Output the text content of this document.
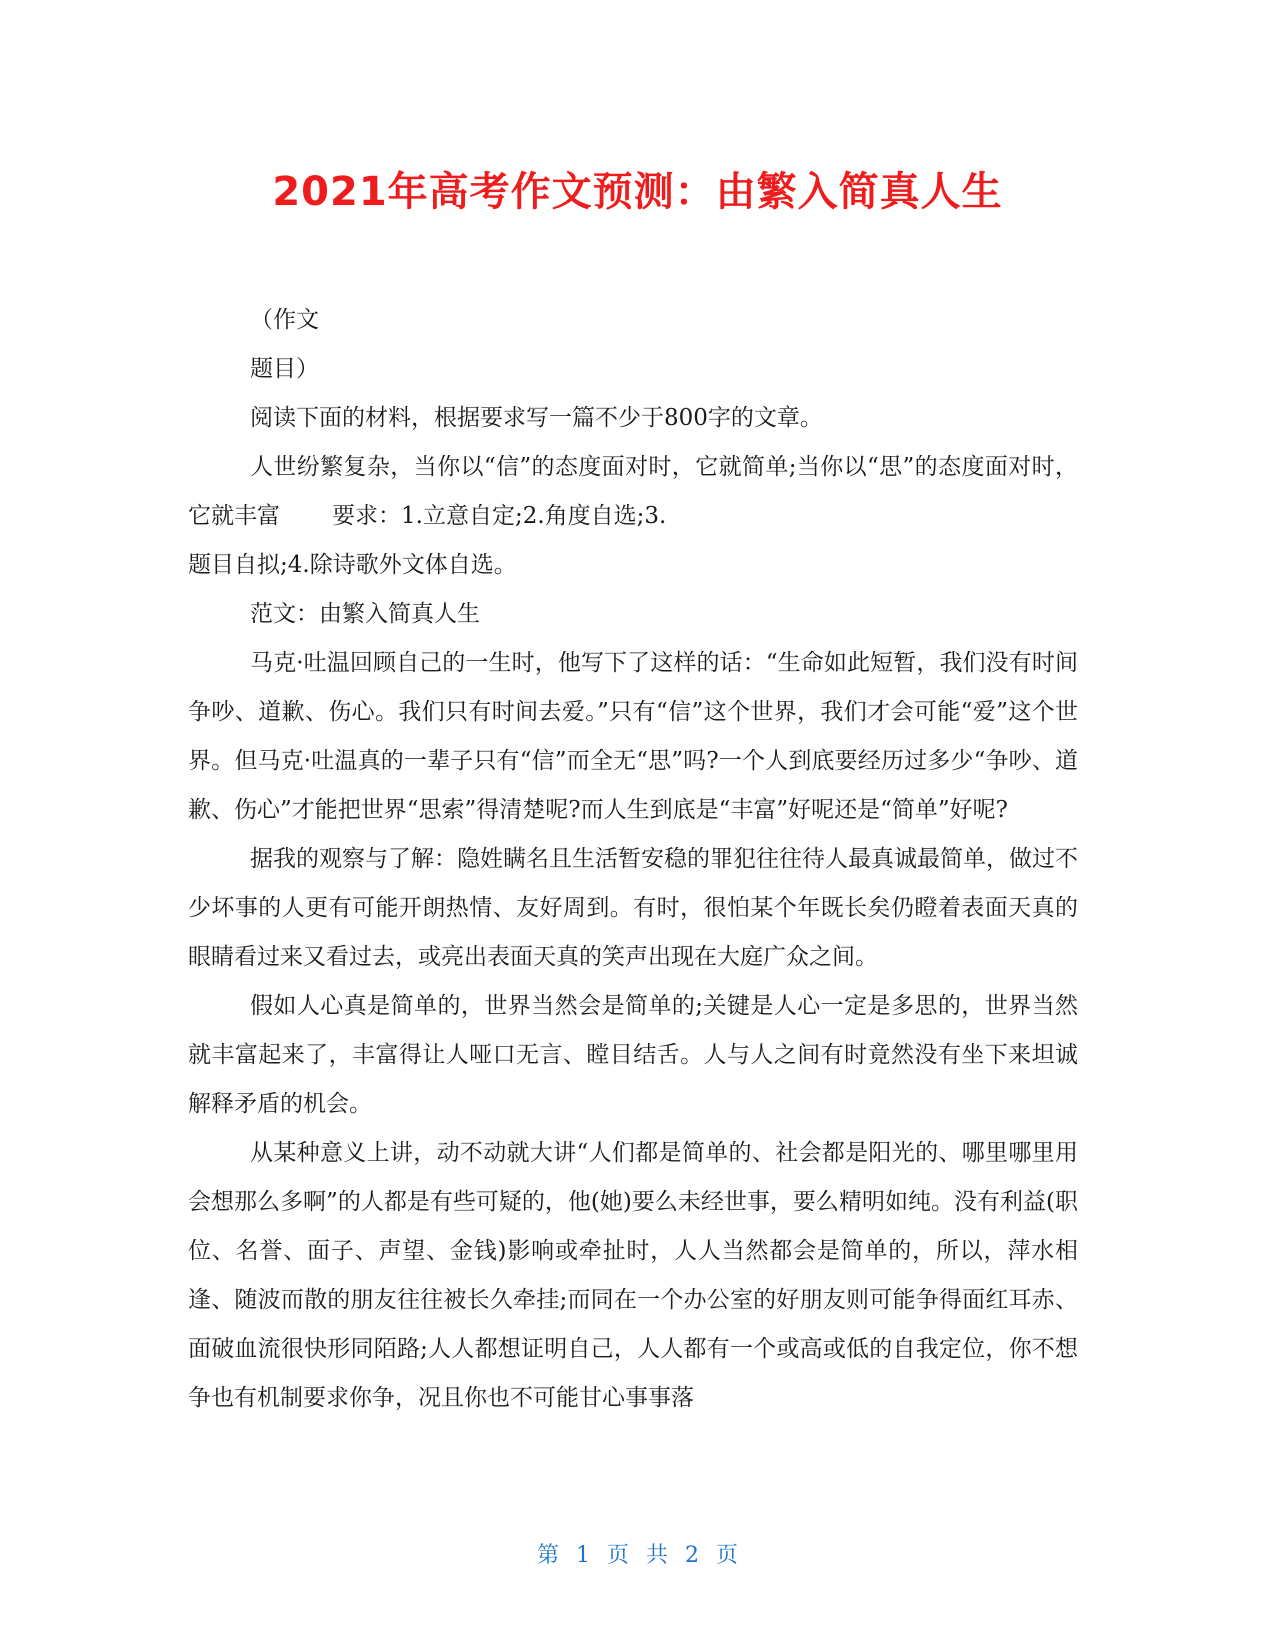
2021年高考作文预测：由繁入简真人生

（作文

题目）

阅读下面的材料，根据要求写一篇不少于800字的文章。

人世纷繁复杂，当你以“信”的态度面对时，它就简单;当你以“思”的态度面对时，它就丰富 要求：1.立意自定;2.角度自选;3.

题目自拟;4.除诗歌外文体自选。

范文：由繁入简真人生

马克·吐温回顾自己的一生时，他写下了这样的话：“生命如此短暂，我们没有时间争吵、道歉、伤心。我们只有时间去爱。”只有“信”这个世界，我们才会可能“爱”这个世界。但马克·吐温真的一辈子只有“信”而全无“思”吗?一个人到底要经历过多少“争吵、道歉、伤心”才能把世界“思索”得清楚呢?而人生到底是“丰富”好呢还是“简单”好呢?

据我的观察与了解：隐姓瞒名且生活暂安稳的罪犯往往待人最真诚最简单，做过不少坏事的人更有可能开朗热情、友好周到。有时，很怕某个年既长矣仍瞪着表面天真的眼睛看过来又看过去，或亮出表面天真的笑声出现在大庭广众之间。

假如人心真是简单的，世界当然会是简单的;关键是人心一定是多思的，世界当然就丰富起来了，丰富得让人哑口无言、瞠目结舌。人与人之间有时竟然没有坐下来坦诚解释矛盾的机会。

从某种意义上讲，动不动就大讲“人们都是简单的、社会都是阳光的、哪里哪里用会想那么多啊”的人都是有些可疑的，他(她)要么未经世事，要么精明如纯。没有利益(职位、名誉、面子、声望、金钱)影响或牵扯时，人人当然都会是简单的，所以，萍水相逢、随波而散的朋友往往被长久牵挂;而同在一个办公室的好朋友则可能争得面红耳赤、面破血流很快形同陌路;人人都想证明自己，人人都有一个或高或低的自我定位，你不想争也有机制要求你争，况且你也不可能甘心事事落

第 1 页 共 2 页
